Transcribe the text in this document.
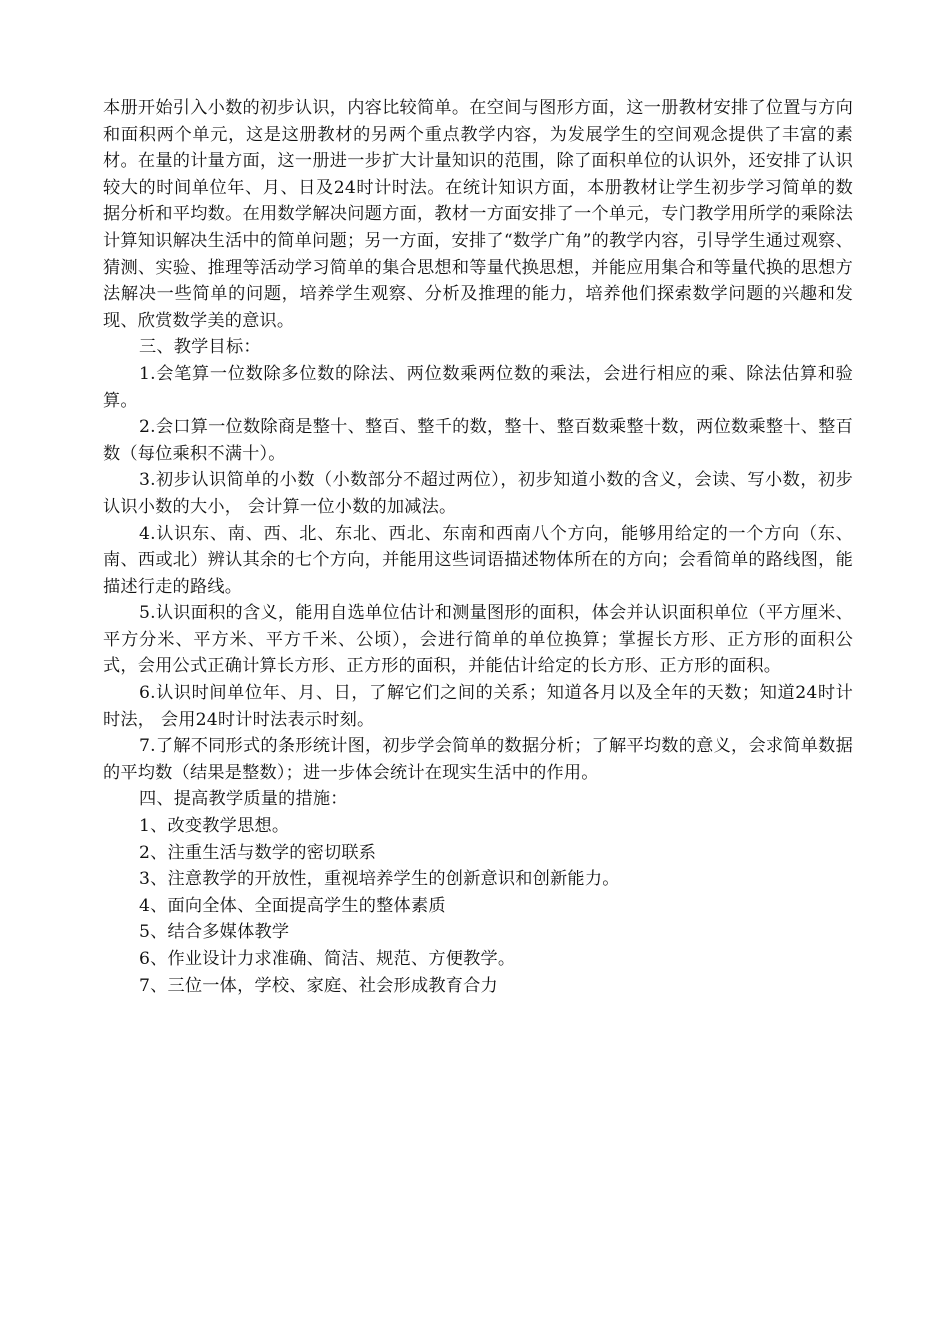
本册开始引入小数的初步认识，内容比较简单。在空间与图形方面，这一册教材安排了位置与方向和面积两个单元，这是这册教材的另两个重点教学内容，为发展学生的空间观念提供了丰富的素材。在量的计量方面，这一册进一步扩大计量知识的范围，除了面积单位的认识外，还安排了认识较大的时间单位年、月、日及24时计时法。在统计知识方面，本册教材让学生初步学习简单的数据分析和平均数。在用数学解决问题方面，教材一方面安排了一个单元，专门教学用所学的乘除法计算知识解决生活中的简单问题；另一方面，安排了“数学广角”的教学内容，引导学生通过观察、猜测、实验、推理等活动学习简单的集合思想和等量代换思想，并能应用集合和等量代换的思想方法解决一些简单的问题，培养学生观察、分析及推理的能力，培养他们探索数学问题的兴趣和发现、欣赏数学美的意识。

三、教学目标：

1.会笔算一位数除多位数的除法、两位数乘两位数的乘法，会进行相应的乘、除法估算和验算。

2.会口算一位数除商是整十、整百、整千的数，整十、整百数乘整十数，两位数乘整十、整百数（每位乘积不满十）。

3.初步认识简单的小数（小数部分不超过两位），初步知道小数的含义，会读、写小数，初步认识小数的大小， 会计算一位小数的加减法。

4.认识东、南、西、北、东北、西北、东南和西南八个方向，能够用给定的一个方向（东、南、西或北）辨认其余的七个方向，并能用这些词语描述物体所在的方向；会看简单的路线图，能描述行走的路线。

5.认识面积的含义，能用自选单位估计和测量图形的面积，体会并认识面积单位（平方厘米、平方分米、平方米、平方千米、公顷），会进行简单的单位换算；掌握长方形、正方形的面积公式，会用公式正确计算长方形、正方形的面积，并能估计给定的长方形、正方形的面积。

6.认识时间单位年、月、日，了解它们之间的关系；知道各月以及全年的天数；知道24时计时法， 会用24时计时法表示时刻。

7.了解不同形式的条形统计图，初步学会简单的数据分析；了解平均数的意义，会求简单数据的平均数（结果是整数）；进一步体会统计在现实生活中的作用。

四、提高教学质量的措施：

1、改变教学思想。

2、注重生活与数学的密切联系

3、注意教学的开放性，重视培养学生的创新意识和创新能力。

4、面向全体、全面提高学生的整体素质

5、结合多媒体教学

6、作业设计力求准确、简洁、规范、方便教学。

7、三位一体，学校、家庭、社会形成教育合力
